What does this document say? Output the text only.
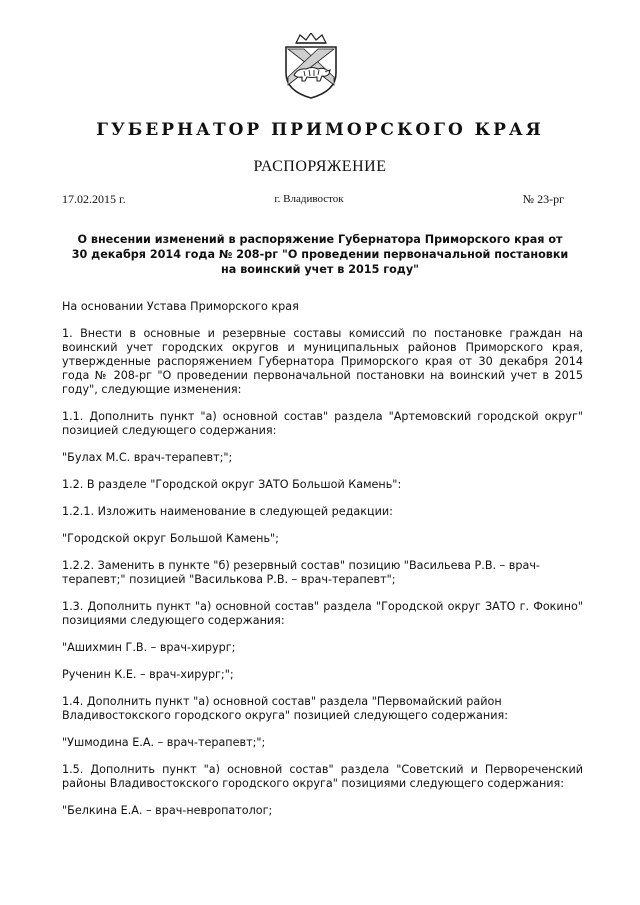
ГУБЕРНАТОР ПРИМОРСКОГО КРАЯ
РАСПОРЯЖЕНИЕ
17.02.2015 г.	г. Владивосток	№ 23-рг
О внесении изменений в распоряжение Губернатора Приморского края от 30 декабря 2014 года № 208-рг "О проведении первоначальной постановки на воинский учет в 2015 году"

На основании Устава Приморского края

1. Внести в основные и резервные составы комиссий по постановке граждан на воинский учет городских округов и муниципальных районов Приморского края, утвержденные распоряжением Губернатора Приморского края от 30 декабря 2014 года № 208-рг "О проведении первоначальной постановки на воинский учет в 2015 году", следующие изменения:

1.1. Дополнить пункт "а) основной состав" раздела "Артемовский городской округ" позицией следующего содержания:

"Булах М.С. врач-терапевт;";

1.2. В разделе "Городской округ ЗАТО Большой Камень":

1.2.1. Изложить наименование в следующей редакции:

"Городской округ Большой Камень";

1.2.2. Заменить в пункте "б) резервный состав" позицию "Васильева Р.В. – врач-терапевт;" позицией "Василькова Р.В. – врач-терапевт";

1.3. Дополнить пункт "а) основной состав" раздела "Городской округ ЗАТО г. Фокино" позициями следующего содержания:

"Ашихмин Г.В. – врач-хирург;

Рученин К.Е. – врач-хирург;";

1.4. Дополнить пункт "а) основной состав" раздела "Первомайский район Владивостокского городского округа" позицией следующего содержания:

"Ушмодина Е.А. – врач-терапевт;";

1.5. Дополнить пункт "а) основной состав" раздела "Советский и Первореченский районы Владивостокского городского округа" позициями следующего содержания:

"Белкина Е.А. – врач-невропатолог;
